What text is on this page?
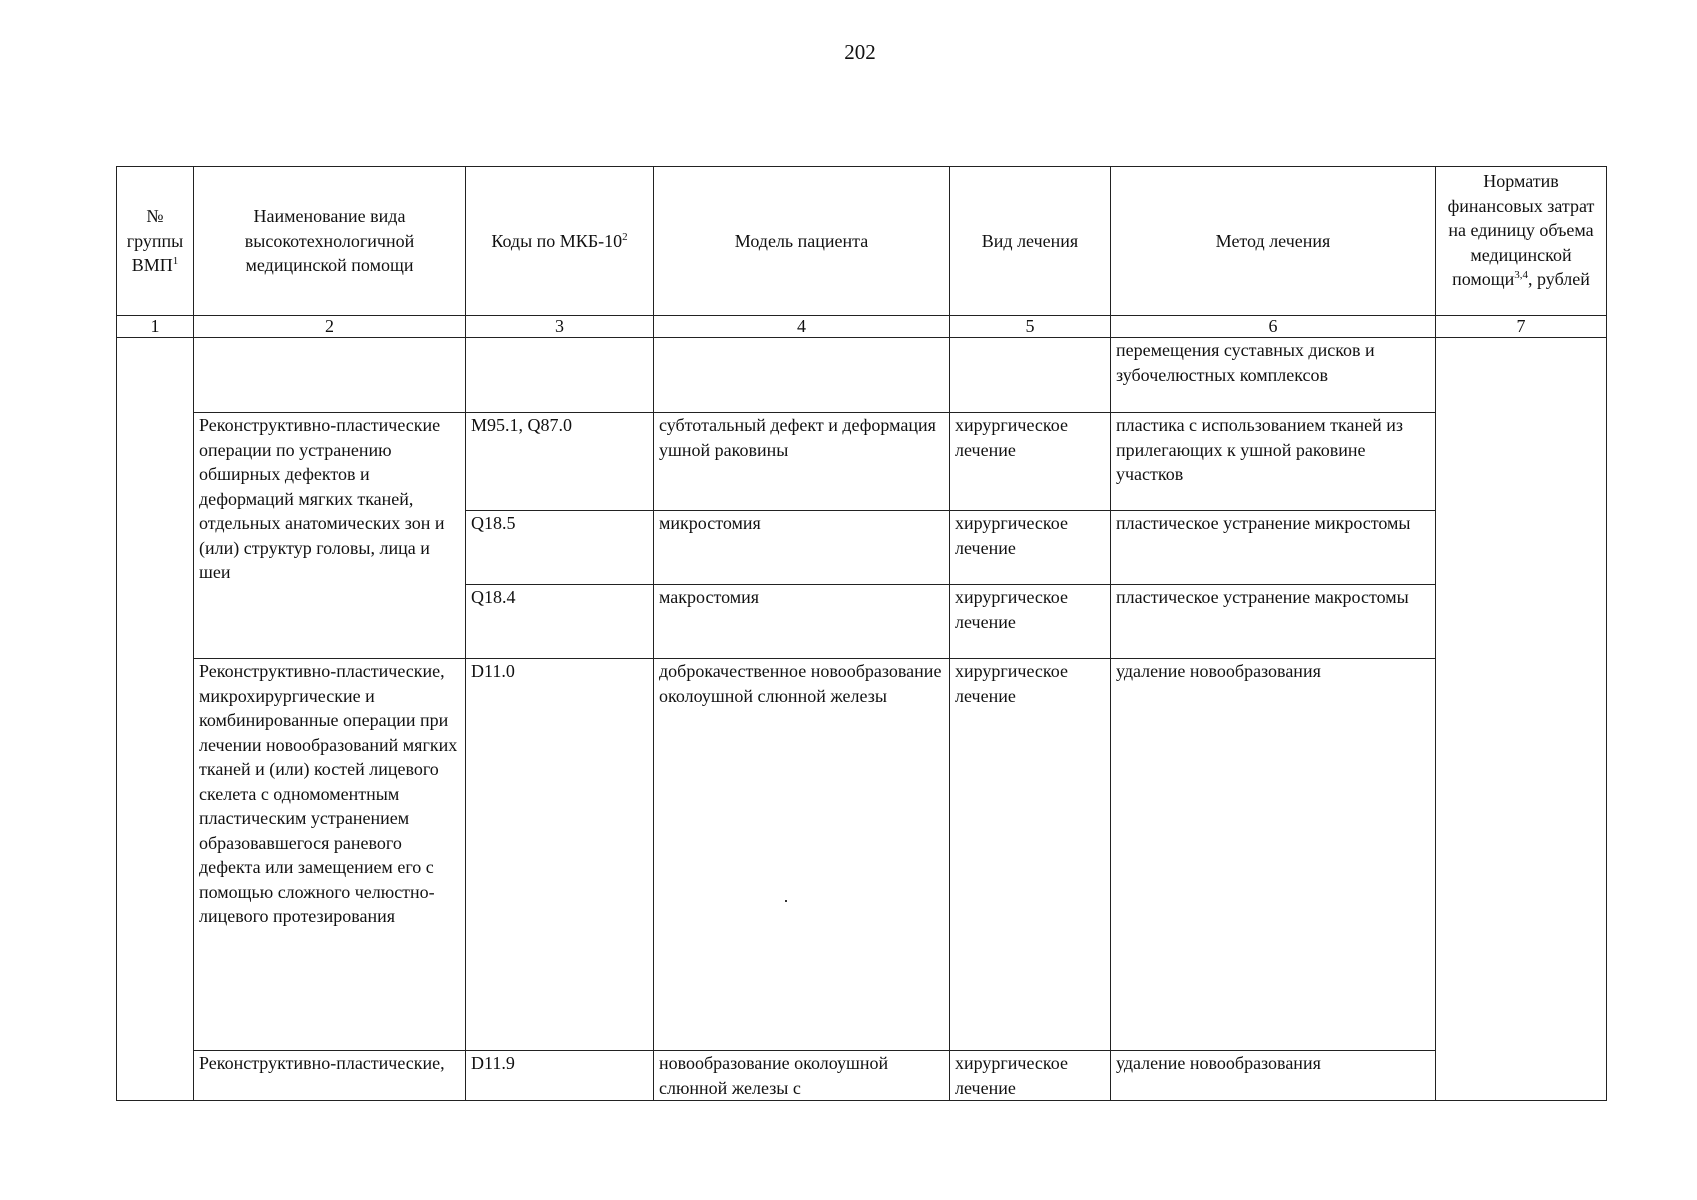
202
№ группы ВМП$^1$	Наименование вида высокотехнологичной медицинской помощи	Коды по МКБ-$10^2$	Модель пациента	Вид лечения	Метод лечения	Норматив финансовых затрат на единицу объема медицинской помощи$^{3,4}$, рублей
1	2	3	4	5	6	7
					перемещения суставных дисков и зубочелюстных комплексов	
	Реконструктивно-пластические операции по устранению обширных дефектов и деформаций мягких тканей, отдельных анатомических зон и (или) структур головы, лица и шеи	M95.1, Q87.0	субтотальный дефект и деформация ушной раковины	хирургическое лечение	пластика с использованием тканей из прилегающих к ушной раковине участков	
		Q18.5	микростомия	хирургическое лечение	пластическое устранение микростомы	
		Q18.4	макростомия	хирургическое лечение	пластическое устранение макростомы	
	Реконструктивно-пластические, микрохирургические и комбинированные операции при лечении новообразований мягких тканей и (или) костей лицевого скелета с одномоментным пластическим устранением образовавшегося раневого дефекта или замещением его с помощью сложного челюстно-лицевого протезирования	D11.0	доброкачественное новообразование околоушной слюнной железы	хирургическое лечение	удаление новообразования	
	Реконструктивно-пластические,	D11.9	новообразование околоушной слюнной железы с	хирургическое лечение	удаление новообразования	
